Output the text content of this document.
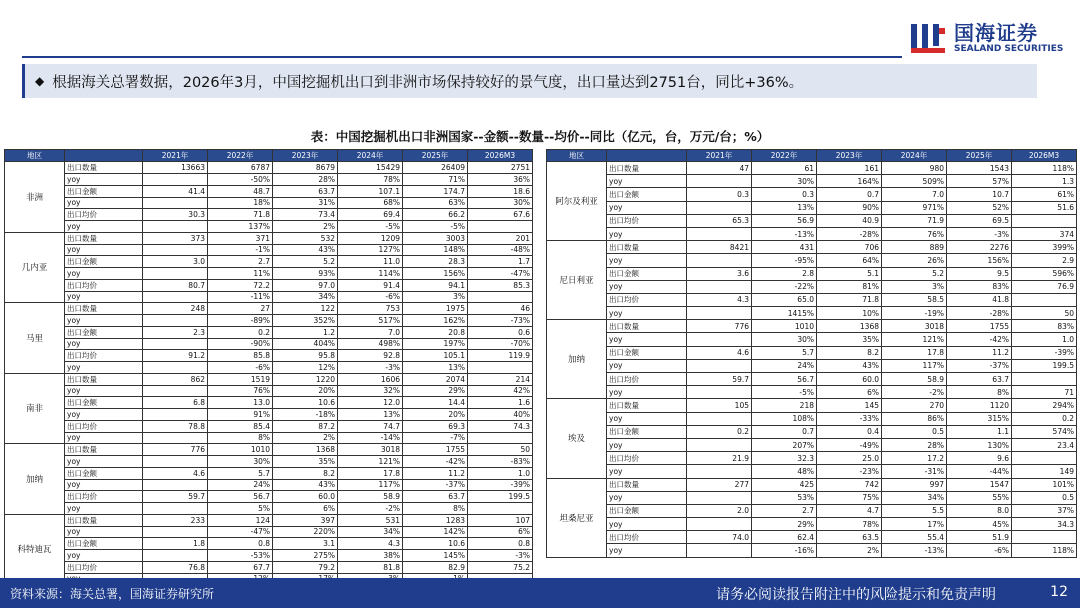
国海证券
SEALAND SECURITIES
◆ 根据海关总署数据，2026年3月，中国挖掘机出口到非洲市场保持较好的景气度，出口量达到2751台，同比+36%。
表：中国挖掘机出口非洲国家--金额--数量--均价--同比（亿元，台，万元/台；%）
地区		2021年	2022年	2023年	2024年	2025年	2026M3
非洲	出口数量	13663	6787	8679	15429	26409	2751
	yoy		-50%	28%	78%	71%	36%
	出口金额	41.4	48.7	63.7	107.1	174.7	18.6
	yoy		18%	31%	68%	63%	30%
	出口均价	30.3	71.8	73.4	69.4	66.2	67.6
	yoy		137%	2%	-5%	-5%	
几内亚	出口数量	373	371	532	1209	3003	201
	yoy		-1%	43%	127%	148%	-48%
	出口金额	3.0	2.7	5.2	11.0	28.3	1.7
	yoy		11%	93%	114%	156%	-47%
	出口均价	80.7	72.2	97.0	91.4	94.1	85.3
	yoy		-11%	34%	-6%	3%	
马里	出口数量	248	27	122	753	1975	46
	yoy		-89%	352%	517%	162%	-73%
	出口金额	2.3	0.2	1.2	7.0	20.8	0.6
	yoy		-90%	404%	498%	197%	-70%
	出口均价	91.2	85.8	95.8	92.8	105.1	119.9
	yoy		-6%	12%	-3%	13%	
南非	出口数量	862	1519	1220	1606	2074	214
	yoy		76%	20%	32%	29%	42%
	出口金额	6.8	13.0	10.6	12.0	14.4	1.6
	yoy		91%	-18%	13%	20%	40%
	出口均价	78.8	85.4	87.2	74.7	69.3	74.3
	yoy		8%	2%	-14%	-7%	
加纳	出口数量	776	1010	1368	3018	1755	50
	yoy		30%	35%	121%	-42%	-83%
	出口金额	4.6	5.7	8.2	17.8	11.2	1.0
	yoy		24%	43%	117%	-37%	-39%
	出口均价	59.7	56.7	60.0	58.9	63.7	199.5
	yoy		5%	6%	-2%	8%	
科特迪瓦	出口数量	233	124	397	531	1283	107
	yoy		-47%	220%	34%	142%	6%
	出口金额	1.8	0.8	3.1	4.3	10.6	0.8
	yoy		-53%	275%	38%	145%	-3%
	出口均价	76.8	67.7	79.2	81.8	82.9	75.2

地区		2021年	2022年	2023年	2024年	2025年	2026M3
阿尔及利亚	出口数量	47	61	161	980	1543	118%
	yoy		30%	164%	509%	57%	1.3
	出口金额	0.3	0.3	0.7	7.0	10.7	61%
	yoy		13%	90%	971%	52%	51.6
	出口均价	65.3	56.9	40.9	71.9	69.5	
	yoy		-13%	-28%	76%	-3%	374
尼日利亚	出口数量	8421	431	706	889	2276	399%
	yoy		-95%	64%	26%	156%	2.9
	出口金额	3.6	2.8	5.1	5.2	9.5	596%
	yoy		-22%	81%	3%	83%	76.9
	出口均价	4.3	65.0	71.8	58.5	41.8	
	yoy		1415%	10%	-19%	-28%	50
加纳	出口数量	776	1010	1368	3018	1755	83%
	yoy		30%	35%	121%	-42%	1.0
	出口金额	4.6	5.7	8.2	17.8	11.2	-39%
	yoy		24%	43%	117%	-37%	199.5
	出口均价	59.7	56.7	60.0	58.9	63.7	
	yoy		-5%	6%	-2%	8%	71
埃及	出口数量	105	218	145	270	1120	294%
	yoy		108%	-33%	86%	315%	0.2
	出口金额	0.2	0.7	0.4	0.5	1.1	574%
	yoy		207%	-49%	28%	130%	23.4
	出口均价	21.9	32.3	25.0	17.2	9.6	
	yoy		48%	-23%	-31%	-44%	149
坦桑尼亚	出口数量	277	425	742	997	1547	101%
	yoy		53%	75%	34%	55%	0.5
	出口金额	2.0	2.7	4.7	5.5	8.0	37%
	yoy		29%	78%	17%	45%	34.3
	出口均价	74.0	62.4	63.5	55.4	51.9	
	yoy		-16%	2%	-13%	-6%	118%
资料来源：海关总署，国海证券研究所	请务必阅读报告附注中的风险提示和免责声明	12
